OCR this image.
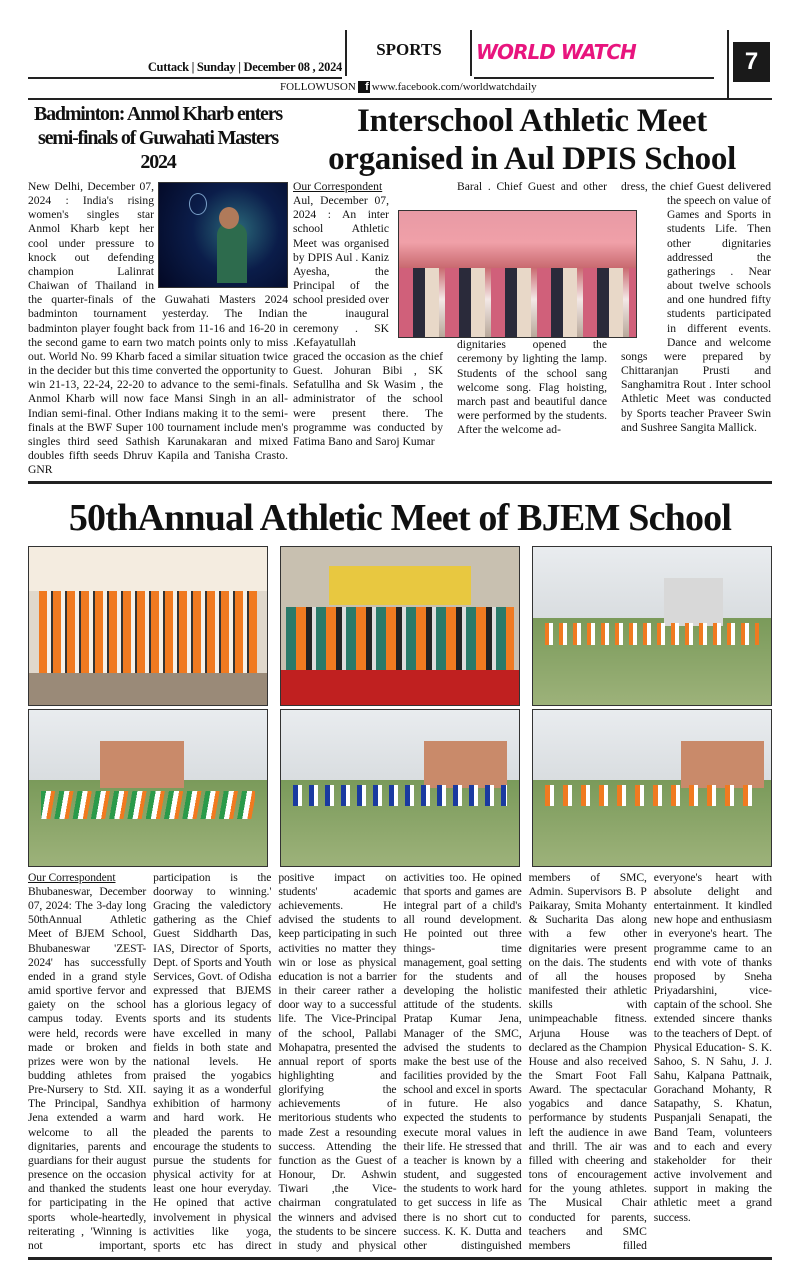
Cuttack | Sunday | December 08 , 2024
SPORTS	WORLD WATCH	7
FOLLOWUSON f www.facebook.com/worldwatchdaily
Badminton: Anmol Kharb enters semi-finals of Guwahati Masters 2024
New Delhi, December 07, 2024 : India's rising women's singles star Anmol Kharb kept her cool under pressure to knock out defending champion Lalinrat Chaiwan of Thailand in the quarter-finals of the Guwahati Masters 2024 badminton tournament yesterday. The Indian badminton player fought back from 11-16 and 16-20 in the second game to earn two match points only to miss out. World No. 99 Kharb faced a similar situation twice in the decider but this time converted the opportunity to win 21-13, 22-24, 22-20 to advance to the semi-finals. Anmol Kharb will now face Mansi Singh in an all-Indian semi-final. Other Indians making it to the semi-finals at the BWF Super 100 tournament include men's singles third seed Sathish Karunakaran and mixed doubles fifth seeds Dhruv Kapila and Tanisha Crasto. GNR
Interschool Athletic Meet organised in Aul DPIS School
Our Correspondent
Aul, December 07, 2024 : An inter school Athletic Meet was organised by DPIS Aul . Kaniz Ayesha, the Principal of the school presided over the inaugural ceremony . SK .Kefayatullah graced the occasion as the chief Guest. Johuran Bibi , SK Sefatullha and Sk Wasim , the administrator of the school were present there. The programme was conducted by Fatima Bano and Saroj Kumar
Baral . Chief Guest and other dignitaries opened the ceremony by lighting the lamp. Students of the school sang welcome song. Flag hoisting, march past and beautiful dance were performed by the students. After the welcome ad-
dress, the chief Guest delivered the speech on value of Games and Sports in students Life. Then other dignitaries addressed the gatherings . Near about twelve schools and one hundred fifty students participated in different events. Dance and welcome songs were prepared by Chittaranjan Prusti and Sanghamitra Rout . Inter school Athletic Meet was conducted by Sports teacher Praveer Swin and Sushree Sangita Mallick.
50thAnnual Athletic Meet of BJEM School
Our Correspondent
Bhubaneswar, December 07, 2024: The 3-day long 50thAnnual Athletic Meet of BJEM School, Bhubaneswar 'ZEST-2024' has successfully ended in a grand style amid sportive fervor and gaiety on the school campus today. Events were held, records were made or broken and prizes were won by the budding athletes from Pre-Nursery to Std. XII. The Principal, Sandhya Jena extended a warm welcome to all the dignitaries, parents and guardians for their august presence on the occasion and thanked the students for participating in the sports whole-heartedly, reiterating , 'Winning is not important, participation is the doorway to winning.' Gracing the valedictory gathering as the Chief Guest Siddharth Das, IAS, Director of Sports, Dept. of Sports and Youth Services, Govt. of Odisha expressed that BJEMS has a glorious legacy of sports and its students have excelled in many fields in both state and national levels. He praised the yogabics saying it as a wonderful exhibition of harmony and hard work. He pleaded the parents to encourage the students to pursue the students for physical activity for at least one hour everyday. He opined that active involvement in physical activities like yoga, sports etc has direct positive impact on students' academic achievements. He advised the students to keep participating in such activities no matter they win or lose as physical education is not a barrier in their career rather a door way to a successful life. The Vice-Principal of the school, Pallabi Mohapatra, presented the annual report of sports highlighting and glorifying the achievements of meritorious students who made Zest a resounding success. Attending the function as the Guest of Honour, Dr. Ashwin Tiwari ,the Vice-chairman congratulated the winners and advised the students to be sincere in study and physical activities too. He opined that sports and games are integral part of a child's all round development. He pointed out three things- time management, goal setting for the students and developing the holistic attitude of the students. Pratap Kumar Jena, Manager of the SMC, advised the students to make the best use of the facilities provided by the school and excel in sports in future. He also expected the students to execute moral values in their life. He stressed that a teacher is known by a student, and suggested the students to work hard to get success in life as there is no short cut to success. K. K. Dutta and other distinguished members of SMC, Admin. Supervisors B. P Paikaray, Smita Mohanty & Sucharita Das along with a few other dignitaries were present on the dais. The students of all the houses manifested their athletic skills with unimpeachable fitness. Arjuna House was declared as the Champion House and also received the Smart Foot Fall Award. The spectacular yogabics and dance performance by students left the audience in awe and thrill. The air was filled with cheering and tons of encouragement for the young athletes. The Musical Chair conducted for parents, teachers and SMC members filled everyone's heart with absolute delight and entertainment. It kindled new hope and enthusiasm in everyone's heart. The programme came to an end with vote of thanks proposed by Sneha Priyadarshini, vice-captain of the school. She extended sincere thanks to the teachers of Dept. of Physical Education- S. K. Sahoo, S. N Sahu, J. J. Sahu, Kalpana Pattnaik, Gorachand Mohanty, R Satapathy, S. Khatun, Puspanjali Senapati, the Band Team, volunteers and to each and every stakeholder for their active involvement and support in making the athletic meet a grand success.
